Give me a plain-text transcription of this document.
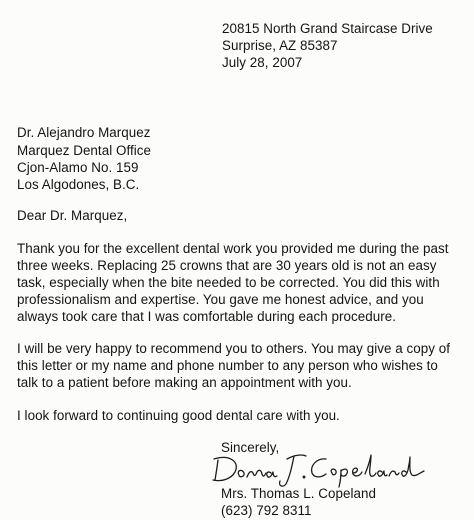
20815 North Grand Staircase Drive
Surprise, AZ 85387
July 28, 2007
Dr. Alejandro Marquez
Marquez Dental Office
Cjon-Alamo No. 159
Los Algodones, B.C.
Dear Dr. Marquez,
Thank you for the excellent dental work you provided me during the past
three weeks. Replacing 25 crowns that are 30 years old is not an easy
task, especially when the bite needed to be corrected. You did this with
professionalism and expertise. You gave me honest advice, and you
always took care that I was comfortable during each procedure.
I will be very happy to recommend you to others. You may give a copy of
this letter or my name and phone number to any person who wishes to
talk to a patient before making an appointment with you.
I look forward to continuing good dental care with you.
Sincerely,
Mrs. Thomas L. Copeland
(623) 792 8311
